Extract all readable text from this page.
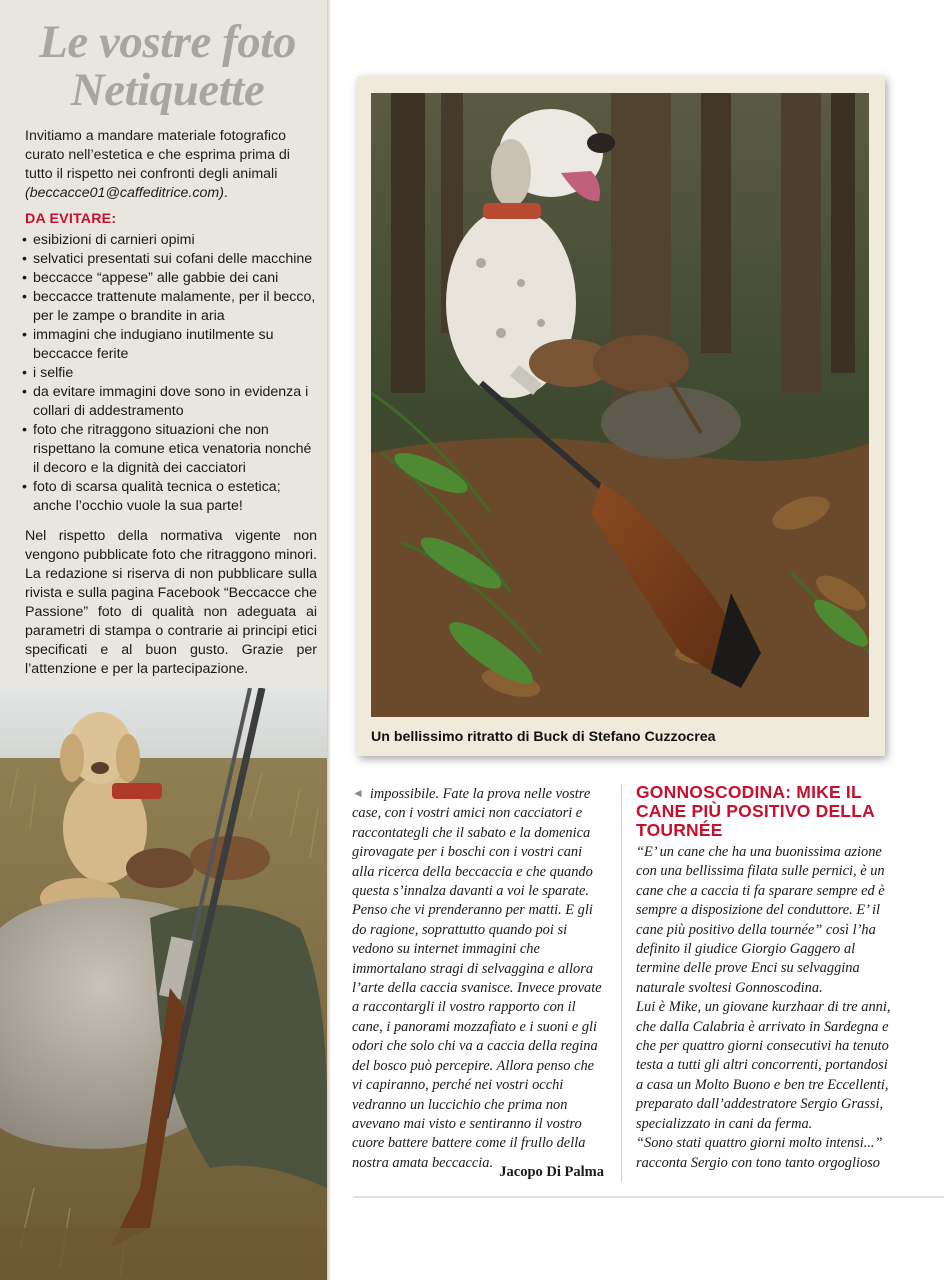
Le vostre foto
Netiquette
Invitiamo a mandare materiale fotografico curato nell’estetica e che esprima prima di tutto il rispetto nei confronti degli animali (beccacce01@caffeditrice.com).
DA EVITARE:
• esibizioni di carnieri opimi
• selvatici presentati sui cofani delle macchine
• beccacce “appese” alle gabbie dei cani
• beccacce trattenute malamente, per il becco, per le zampe o brandite in aria
• immagini che indugiano inutilmente su beccacce ferite
• i selfie
• da evitare immagini dove sono in evidenza i collari di addestramento
• foto che ritraggono situazioni che non rispettano la comune etica venatoria nonché il decoro e la dignità dei cacciatori
• foto di scarsa qualità tecnica o estetica; anche l’occhio vuole la sua parte!
Nel rispetto della normativa vigente non vengono pubblicate foto che ritraggono minori. La redazione si riserva di non pubblicare sulla rivista e sulla pagina Facebook “Beccacce che Passione” foto di qualità non adeguata ai parametri di stampa o contrarie ai principi etici specificati e al buon gusto. Grazie per l’attenzione e per la partecipazione.
Un bellissimo ritratto di Buck di Stefano Cuzzocrea
◄ impossibile. Fate la prova nelle vostre case, con i vostri amici non cacciatori e raccontategli che il sabato e la domenica girovagate per i boschi con i vostri cani alla ricerca della beccaccia e che quando questa s’innalza davanti a voi le sparate. Penso che vi prenderanno per matti. E gli do ragione, soprattutto quando poi si vedono su internet immagini che immortalano stragi di selvaggina e allora l’arte della caccia svanisce. Invece provate a raccontargli il vostro rapporto con il cane, i panorami mozzafiato e i suoni e gli odori che solo chi va a caccia della regina del bosco può percepire. Allora penso che vi capiranno, perché nei vostri occhi vedranno un luccichio che prima non avevano mai visto e sentiranno il vostro cuore battere battere come il frullo della nostra amata beccaccia.
Jacopo Di Palma
GONNOSCODINA: MIKE IL CANE PIÙ POSITIVO DELLA TOURNÉE

“E’ un cane che ha una buonissima azione con una bellissima filata sulle pernici, è un cane che a caccia ti fa sparare sempre ed è sempre a disposizione del conduttore. E’ il cane più positivo della tournée” così l’ha definito il giudice Giorgio Gaggero al termine delle prove Enci su selvaggina naturale svoltesi Gonnoscodina.

Lui è Mike, un giovane kurzhaar di tre anni, che dalla Calabria è arrivato in Sardegna e che per quattro giorni consecutivi ha tenuto testa a tutti gli altri concorrenti, portandosi a casa un Molto Buono e ben tre Eccellenti, preparato dall’addestratore Sergio Grassi, specializzato in cani da ferma.

“Sono stati quattro giorni molto intensi...” racconta Sergio con tono tanto orgoglioso
